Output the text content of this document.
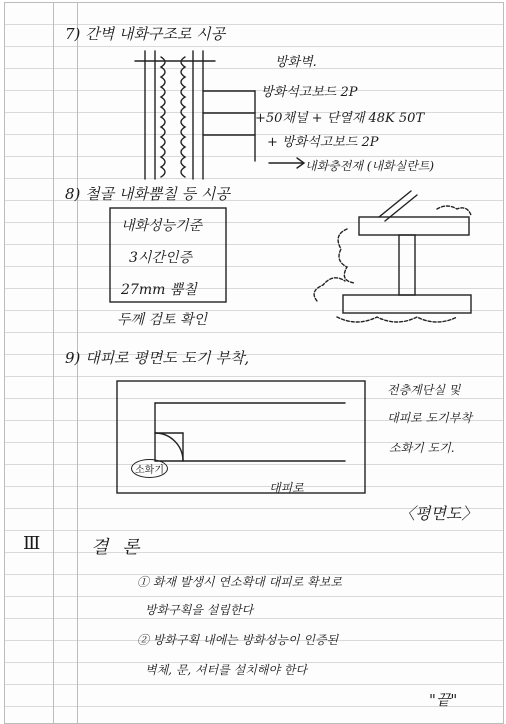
7) 간벽 내화구조로 시공
방화벽.
방화석고보드 2P
+50채널 + 단열재 48K 50T
+ 방화석고보드 2P
내화충전재 (내화실란트)
8) 철골 내화뿜칠 등 시공
내화성능기준
3시간인증
27mm 뿜칠
두께 검토 확인
9) 대피로 평면도 도기 부착,
소화기
대피로
전층계단실 및
대피로 도기부착
소화기 도기.
〈평면도〉
Ⅲ	결 론
① 화재 발생시 연소확대 대피로 확보로
방화구획을 설립한다
② 방화구획 내에는 방화성능이 인증된
벽체, 문, 셔터를 설치해야 한다
"끝"
